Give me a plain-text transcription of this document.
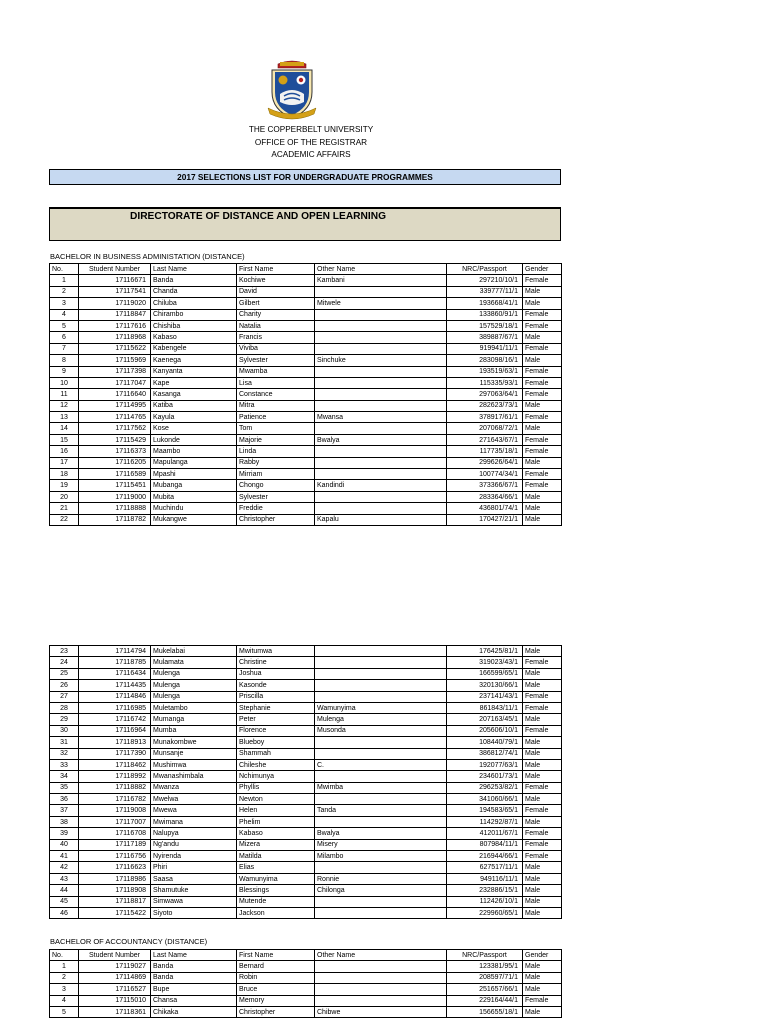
THE COPPERBELT UNIVERSITY
OFFICE OF THE REGISTRAR
ACADEMIC AFFAIRS
2017 SELECTIONS LIST FOR UNDERGRADUATE PROGRAMMES
DIRECTORATE OF DISTANCE AND OPEN LEARNING
BACHELOR IN BUSINESS ADMINISTATION (DISTANCE)
No.	Student Number	Last Name	First Name	Other Name	NRC/Passport	Gender
1	17116671	Banda	Kochiwe	Kambani	297210/10/1	Female
2	17117541	Chanda	David		339777/11/1	Male
3	17119020	Chiluba	Gilbert	Mitwele	193668/41/1	Male
4	17118847	Chirambo	Charity		133860/91/1	Female
5	17117616	Chishiba	Natalia		157529/18/1	Female
6	17118968	Kabaso	Francis		389887/67/1	Male
7	17115622	Kabengele	Viviba		919941/11/1	Female
8	17115969	Kaenega	Sylvester	Sinchuke	283098/16/1	Male
9	17117398	Kanyanta	Mwamba		193519/63/1	Female
10	17117047	Kape	Lisa		115335/93/1	Female
11	17116640	Kasanga	Constance		297063/64/1	Female
12	17114995	Katiba	Mitra		282623/73/1	Male
13	17114765	Kayula	Patience	Mwansa	378917/61/1	Female
14	17117562	Kose	Tom		207068/72/1	Male
15	17115429	Lukonde	Majorie	Bwalya	271643/67/1	Female
16	17116373	Maambo	Linda		117735/18/1	Female
17	17116205	Mapulanga	Rabby		299626/64/1	Male
18	17116589	Mpashi	Mirriam		100774/34/1	Female
19	17115451	Mubanga	Chongo	Kandindi	373366/67/1	Female
20	17119000	Mubita	Sylvester		283364/66/1	Male
21	17118888	Muchindu	Freddie		436801/74/1	Male
22	17118782	Mukangwe	Christopher	Kapalu	170427/21/1	Male
23	17114794	Mukelabai	Mwitumwa		176425/81/1	Male
24	17118785	Mulamata	Christine		319023/43/1	Female
25	17116434	Mulenga	Joshua		166599/65/1	Male
26	17114435	Mulenga	Kasonde		320130/66/1	Male
27	17114846	Mulenga	Priscilla		237141/43/1	Female
28	17116985	Muletambo	Stephanie	Wamunyima	861843/11/1	Female
29	17116742	Mumanga	Peter	Mulenga	207163/45/1	Male
30	17116964	Mumba	Florence	Musonda	205606/10/1	Female
31	17118913	Munakombwe	Blueboy		108440/79/1	Male
32	17117390	Munsanje	Shammah		386812/74/1	Male
33	17118462	Mushimwa	Chileshe	C.	192077/63/1	Male
34	17118992	Mwanashimbala	Nchimunya		234601/73/1	Male
35	17118882	Mwanza	Phyllis	Mwimba	296253/82/1	Female
36	17116782	Mwelwa	Newton		341060/66/1	Male
37	17119008	Mwewa	Helen	Tanda	194583/65/1	Female
38	17117007	Mwimana	Phelim		114292/87/1	Male
39	17116708	Nalupya	Kabaso	Bwalya	412011/67/1	Female
40	17117189	Ng'andu	Mizera	Misery	807984/11/1	Female
41	17116756	Nyirenda	Matilda	Milambo	216944/66/1	Female
42	17116623	Phiri	Elias		627517/11/1	Male
43	17118986	Saasa	Wamunyima	Ronnie	949116/11/1	Male
44	17118908	Shamutuke	Blessings	Chilonga	232886/15/1	Male
45	17118817	Simwawa	Mutende		112426/10/1	Male
46	17115422	Siyoto	Jackson		229960/65/1	Male
BACHELOR OF ACCOUNTANCY (DISTANCE)
No.	Student Number	Last Name	First Name	Other Name	NRC/Passport	Gender
1	17119027	Banda	Bernard		123381/95/1	Male
2	17114869	Banda	Robin		208597/71/1	Male
3	17116527	Bupe	Bruce		251657/66/1	Male
4	17115010	Chansa	Memory		229164/44/1	Female
5	17118361	Chikaka	Christopher	Chibwe	156655/18/1	Male
